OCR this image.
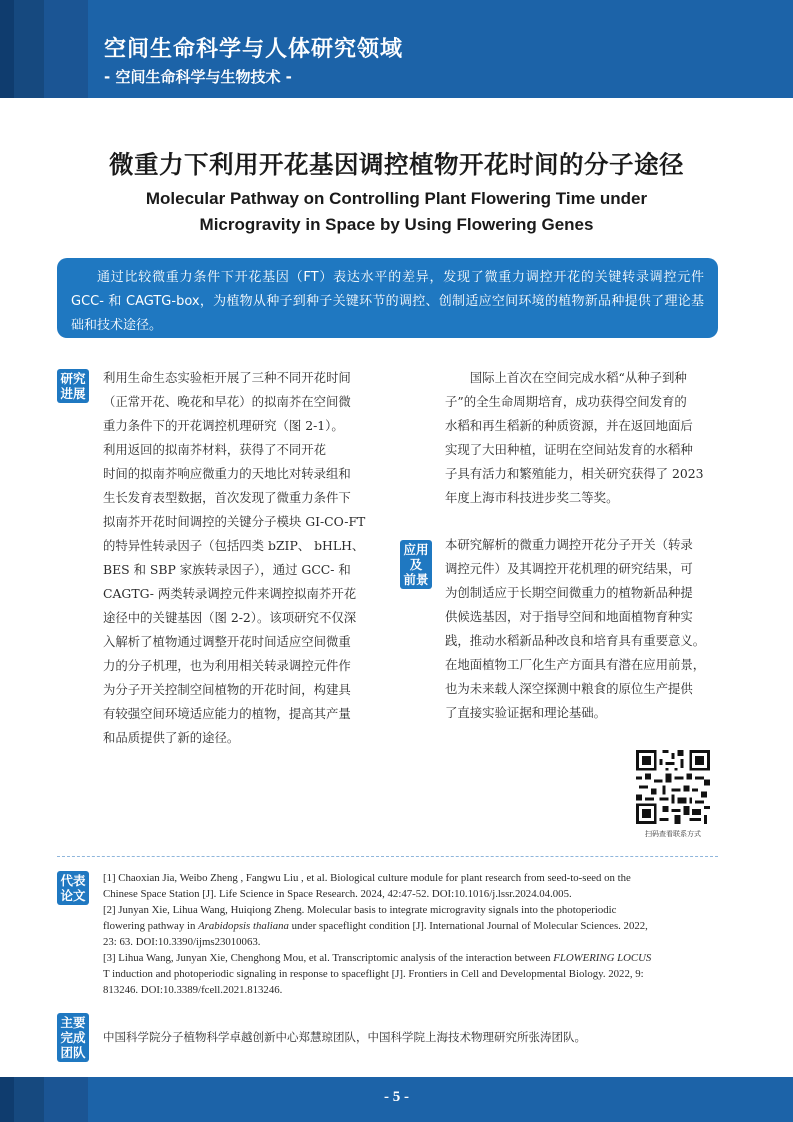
空间生命科学与人体研究领域
- 空间生命科学与生物技术 -
微重力下利用开花基因调控植物开花时间的分子途径
Molecular Pathway on Controlling Plant Flowering Time under
Microgravity in Space by Using Flowering Genes
通过比较微重力条件下开花基因（FT）表达水平的差异，发现了微重力调控开花的关键转录调控元件 GCC- 和 CAGTG-box，为植物从种子到种子关键环节的调控、创制适应空间环境的植物新品种提供了理论基础和技术途径。
研究
进展

利用生命生态实验柜开展了三种不同开花时间

（正常开花、晚花和早花）的拟南芥在空间微

重力条件下的开花调控机理研究（图 2-1）。

利用返回的拟南芥材料，获得了不同开花

时间的拟南芥响应微重力的天地比对转录组和

生长发育表型数据，首次发现了微重力条件下

拟南芥开花时间调控的关键分子模块 GI-CO-FT

的特异性转录因子（包括四类 bZIP、 bHLH、

BES 和 SBP 家族转录因子），通过 GCC- 和

CAGTG- 两类转录调控元件来调控拟南芥开花

途径中的关键基因（图 2-2）。该项研究不仅深

入解析了植物通过调整开花时间适应空间微重

力的分子机理，也为利用相关转录调控元件作

为分子开关控制空间植物的开花时间，构建具

有较强空间环境适应能力的植物，提高其产量

和品质提供了新的途径。

国际上首次在空间完成水稻“从种子到种

子”的全生命周期培育，成功获得空间发育的

水稻和再生稻新的种质资源，并在返回地面后

实现了大田种植，证明在空间站发育的水稻种

子具有活力和繁殖能力，相关研究获得了 2023

年度上海市科技进步奖二等奖。

应用
及
前景

本研究解析的微重力调控开花分子开关（转录

调控元件）及其调控开花机理的研究结果，可

为创制适应于长期空间微重力的植物新品种提

供候选基因，对于指导空间和地面植物育种实

践，推动水稻新品种改良和培育具有重要意义。

在地面植物工厂化生产方面具有潜在应用前景，

也为未来载人深空探测中粮食的原位生产提供

了直接实验证据和理论基础。

扫码查看联系方式
代表
论文

[1] Chaoxian Jia, Weibo Zheng , Fangwu Liu , et al. Biological culture module for plant research from seed-to-seed on the

Chinese Space Station [J]. Life Science in Space Research. 2024, 42:47-52. DOI:10.1016/j.lssr.2024.04.005.

[2] Junyan Xie, Lihua Wang, Huiqiong Zheng. Molecular basis to integrate microgravity signals into the photoperiodic

flowering pathway in Arabidopsis thaliana under spaceflight condition [J]. International Journal of Molecular Sciences. 2022,

23: 63. DOI:10.3390/ijms23010063.

[3] Lihua Wang, Junyan Xie, Chenghong Mou, et al. Transcriptomic analysis of the interaction between FLOWERING LOCUS

T induction and photoperiodic signaling in response to spaceflight [J]. Frontiers in Cell and Developmental Biology. 2022, 9:

813246. DOI:10.3389/fcell.2021.813246.

主要
完成
团队
中国科学院分子植物科学卓越创新中心郑慧琼团队，中国科学院上海技术物理研究所张涛团队。
- 5 -
